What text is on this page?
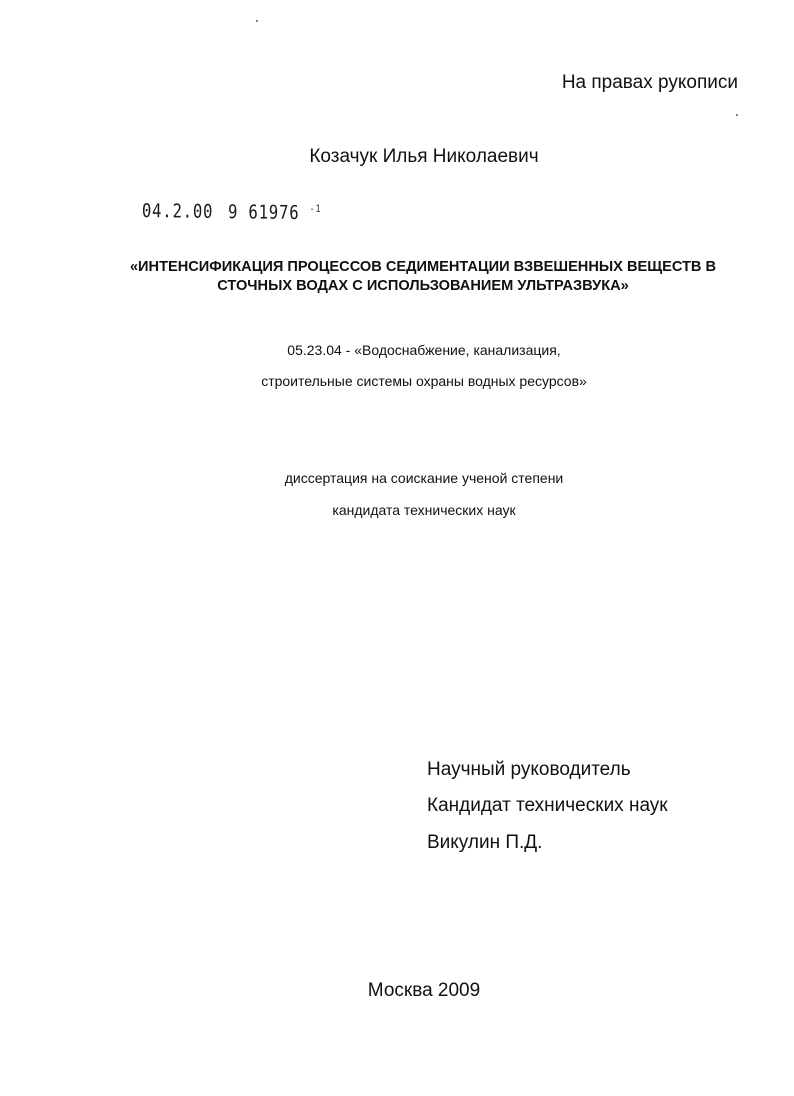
На правах рукописи
Козачук Илья Николаевич
04.2.00 9 61976 $^{-1}$
«ИНТЕНСИФИКАЦИЯ ПРОЦЕССОВ СЕДИМЕНТАЦИИ ВЗВЕШЕННЫХ ВЕЩЕСТВ В
СТОЧНЫХ ВОДАХ С ИСПОЛЬЗОВАНИЕМ УЛЬТРАЗВУКА»
05.23.04 - «Водоснабжение, канализация,
строительные системы охраны водных ресурсов»
диссертация на соискание ученой степени
кандидата технических наук
Научный руководитель
Кандидат технических наук
Викулин П.Д.
Москва 2009
